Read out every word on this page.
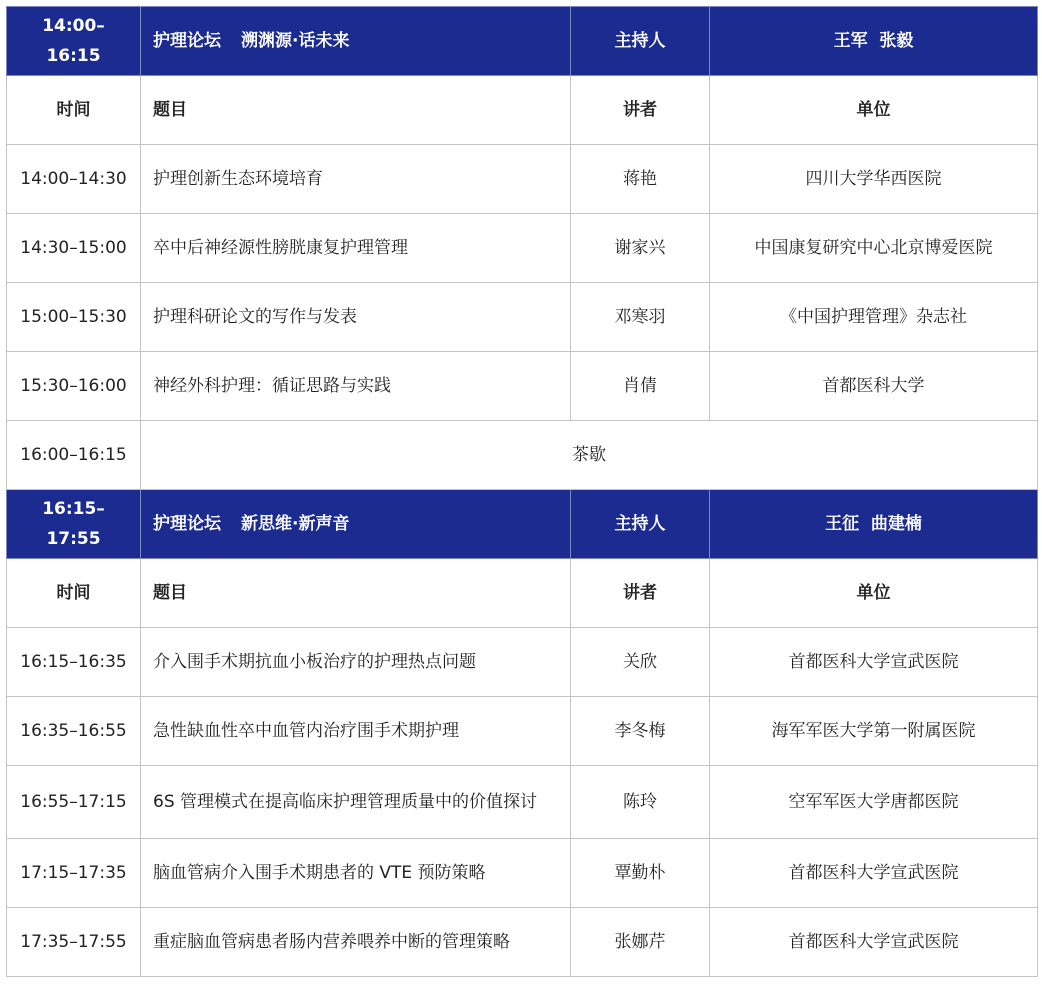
14:00–16:15	护理论坛 溯渊源·话未来	主持人	王军  张毅
时间	题目	讲者	单位
14:00–14:30	护理创新生态环境培育	蒋艳	四川大学华西医院
14:30–15:00	卒中后神经源性膀胱康复护理管理	谢家兴	中国康复研究中心北京博爱医院
15:00–15:30	护理科研论文的写作与发表	邓寒羽	《中国护理管理》杂志社
15:30–16:00	神经外科护理：循证思路与实践	肖倩	首都医科大学
16:00–16:15	茶歇		
16:15–17:55	护理论坛 新思维·新声音	主持人	王征  曲建楠
时间	题目	讲者	单位
16:15–16:35	介入围手术期抗血小板治疗的护理热点问题	关欣	首都医科大学宣武医院
16:35–16:55	急性缺血性卒中血管内治疗围手术期护理	李冬梅	海军军医大学第一附属医院
16:55–17:15	6S 管理模式在提高临床护理管理质量中的价值探讨	陈玲	空军军医大学唐都医院
17:15–17:35	脑血管病介入围手术期患者的 VTE 预防策略	覃勤朴	首都医科大学宣武医院
17:35–17:55	重症脑血管病患者肠内营养喂养中断的管理策略	张娜芹	首都医科大学宣武医院
